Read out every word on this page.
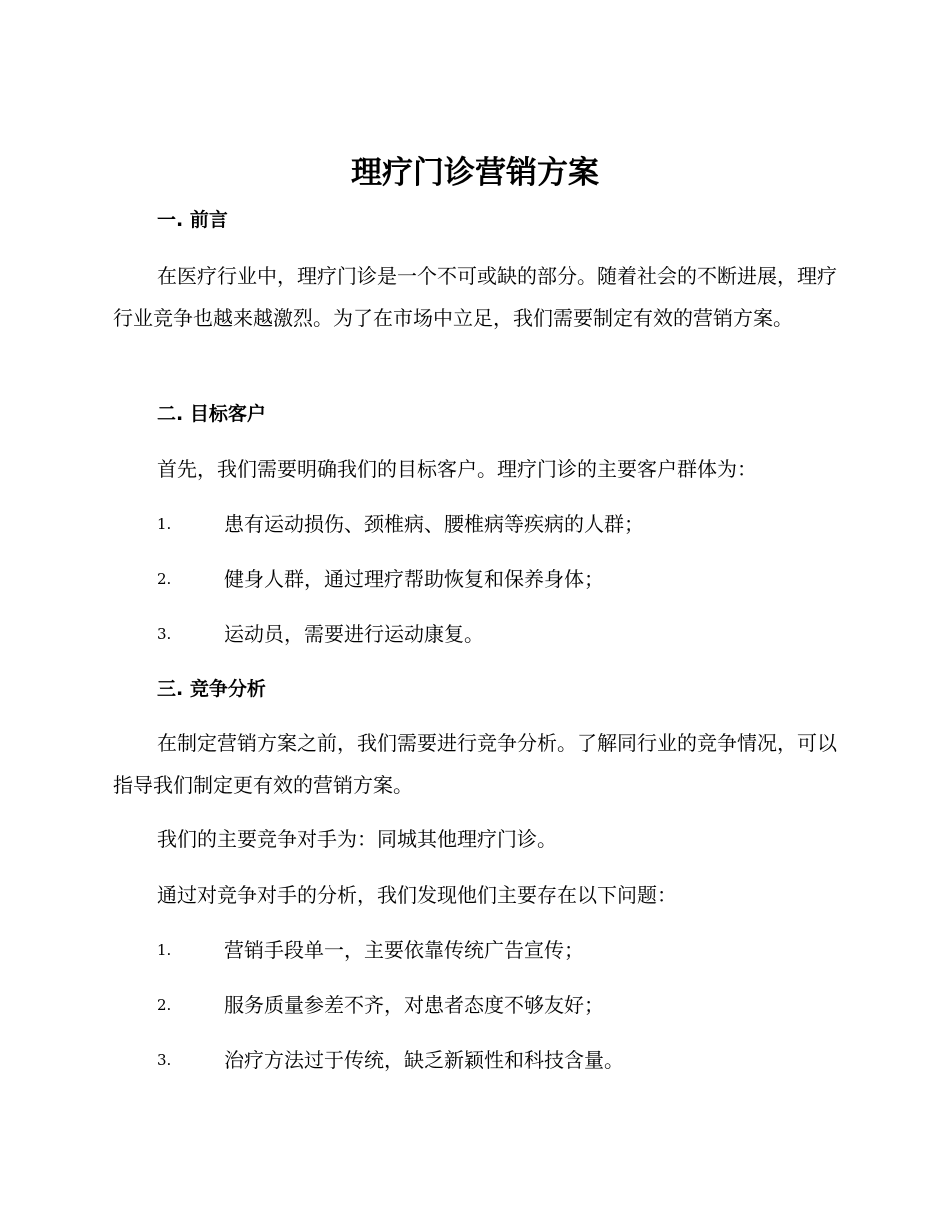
理疗门诊营销方案
一. 前言

在医疗行业中，理疗门诊是一个不可或缺的部分。随着社会的不断进展，理疗行业竞争也越来越激烈。为了在市场中立足，我们需要制定有效的营销方案。

二. 目标客户

首先，我们需要明确我们的目标客户。理疗门诊的主要客户群体为：

1.	患有运动损伤、颈椎病、腰椎病等疾病的人群；
2.	健身人群，通过理疗帮助恢复和保养身体；
3.	运动员，需要进行运动康复。
三. 竞争分析

在制定营销方案之前，我们需要进行竞争分析。了解同行业的竞争情况，可以指导我们制定更有效的营销方案。

我们的主要竞争对手为：同城其他理疗门诊。

通过对竞争对手的分析，我们发现他们主要存在以下问题：

1.	营销手段单一，主要依靠传统广告宣传；
2.	服务质量参差不齐，对患者态度不够友好；
3.	治疗方法过于传统，缺乏新颖性和科技含量。
